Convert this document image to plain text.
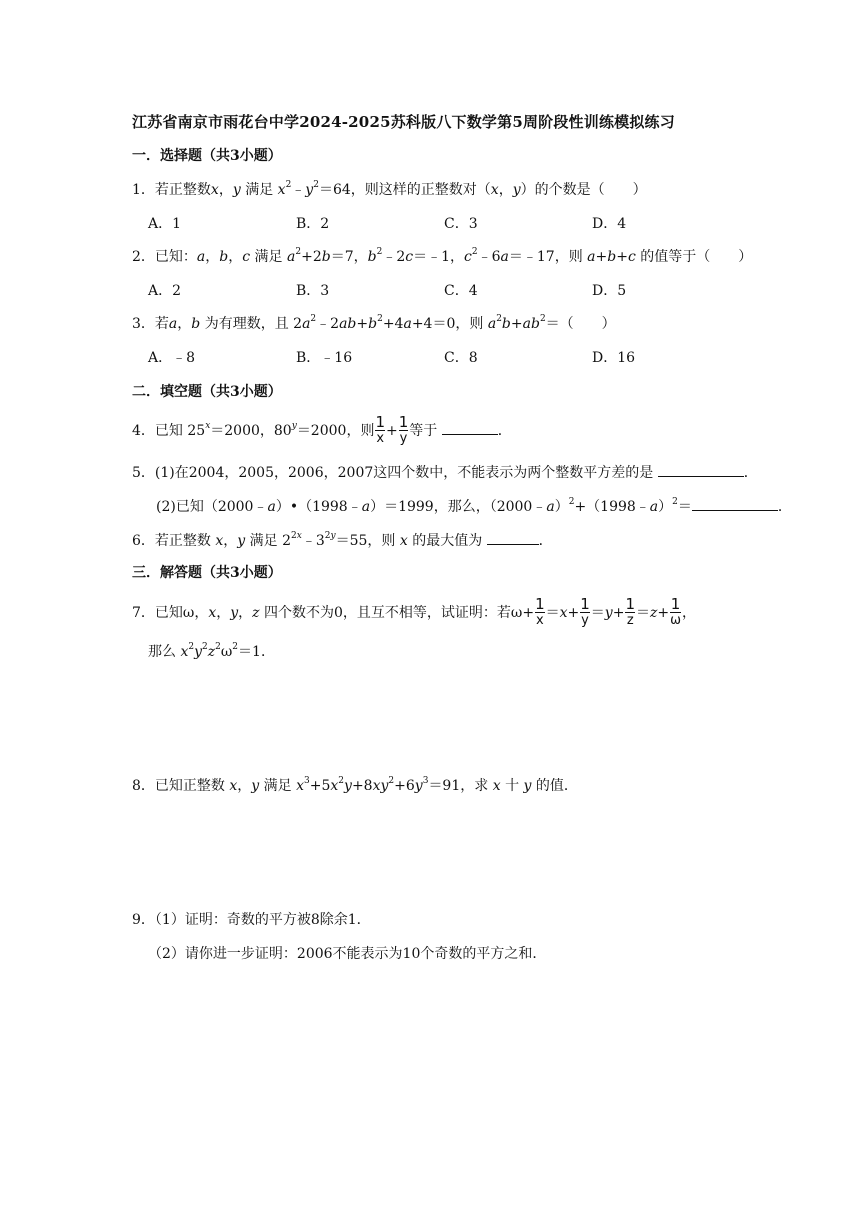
江苏省南京市雨花台中学2024-2025苏科版八下数学第5周阶段性训练模拟练习
一．选择题（共3小题）
1．若正整数x，y 满足 $x^2﹣y^2=64$，则这样的正整数对（x，y）的个数是（　　）
A．1	B．2	C．3	D．4
2．已知：a，b，c 满足 $a^2+2b=7$，$b^2﹣2c=﹣1$，$c^2﹣6a=﹣17$，则 a+b+c 的值等于（　　）
A．2	B．3	C．4	D．5
3．若a，b 为有理数，且 $2a^2﹣2ab+b^2+4a+4=0$，则 $a^2b+ab^2=$（　　）
A．﹣8	B．﹣16	C．8	D．16
二．填空题（共3小题）
4．已知 $25^x=2000$，$80^y=2000$，则 $\frac{1}{x} + \frac{1}{y}$ 等于	．
5．(1)在2004，2005，2006，2007这四个数中，不能表示为两个整数平方差的是	．
(2)已知（2000﹣a）•（1998﹣a）＝1999，那么，（2000﹣a）$^2$+（1998﹣a）$^2$＝	．
6．若正整数 x，y 满足 $2^{2x}﹣3^{2y}=55$，则 x 的最大值为	．
三．解答题（共3小题）
7．已知ω，x，y，z 四个数不为0，且互不相等，试证明：若$\omega+ \frac{1}{x} =x+ \frac{1}{y} =y+ \frac{1}{z} =z+ \frac{1}{\omega}$ ，
那么 $x^2y^2z^2\omega^2=1$．
8．已知正整数 x，y 满足 $x^3+5x^2y+8xy^2+6y^3=91$，求 x 十 y 的值．
9．（1）证明：奇数的平方被8除余1．
（2）请你进一步证明：2006不能表示为10个奇数的平方之和．
